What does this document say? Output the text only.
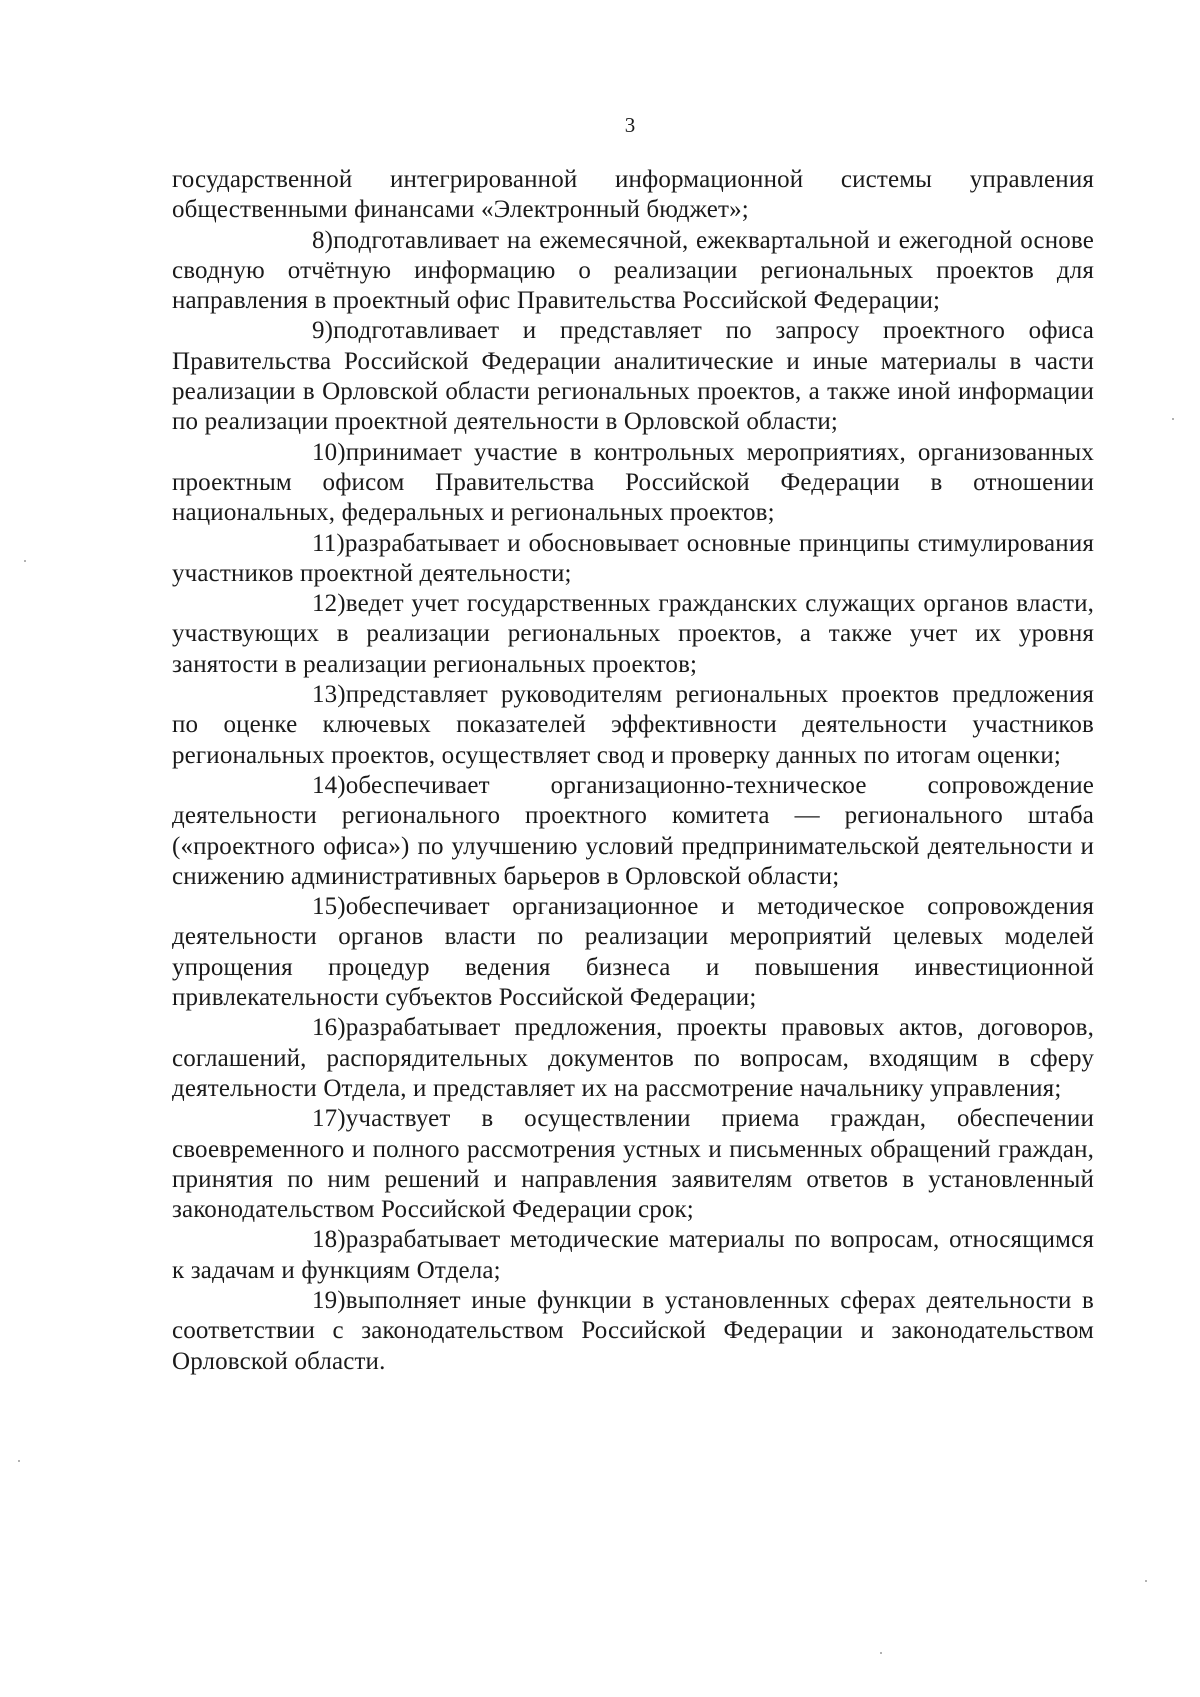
3

государственной интегрированной информационной системы управления общественными финансами «Электронный бюджет»;

8)подготавливает на ежемесячной, ежеквартальной и ежегодной основе сводную отчётную информацию о реализации региональных проектов для направления в проектный офис Правительства Российской Федерации;

9)подготавливает и представляет по запросу проектного офиса Правительства Российской Федерации аналитические и иные материалы в части реализации в Орловской области региональных проектов, а также иной информации по реализации проектной деятельности в Орловской области;

10)принимает участие в контрольных мероприятиях, организованных проектным офисом Правительства Российской Федерации в отношении национальных, федеральных и региональных проектов;

11)разрабатывает и обосновывает основные принципы стимулирования участников проектной деятельности;

12)ведет учет государственных гражданских служащих органов власти, участвующих в реализации региональных проектов, а также учет их уровня занятости в реализации региональных проектов;

13)представляет руководителям региональных проектов предложения по оценке ключевых показателей эффективности деятельности участников региональных проектов, осуществляет свод и проверку данных по итогам оценки;

14)обеспечивает организационно-техническое сопровождение деятельности регионального проектного комитета — регионального штаба («проектного офиса») по улучшению условий предпринимательской деятельности и снижению административных барьеров в Орловской области;

15)обеспечивает организационное и методическое сопровождения деятельности органов власти по реализации мероприятий целевых моделей упрощения процедур ведения бизнеса и повышения инвестиционной привлекательности субъектов Российской Федерации;

16)разрабатывает предложения, проекты правовых актов, договоров, соглашений, распорядительных документов по вопросам, входящим в сферу деятельности Отдела, и представляет их на рассмотрение начальнику управления;

17)участвует в осуществлении приема граждан, обеспечении своевременного и полного рассмотрения устных и письменных обращений граждан, принятия по ним решений и направления заявителям ответов в установленный законодательством Российской Федерации срок;

18)разрабатывает методические материалы по вопросам, относящимся к задачам и функциям Отдела;

19)выполняет иные функции в установленных сферах деятельности в соответствии с законодательством Российской Федерации и законодательством Орловской области.
